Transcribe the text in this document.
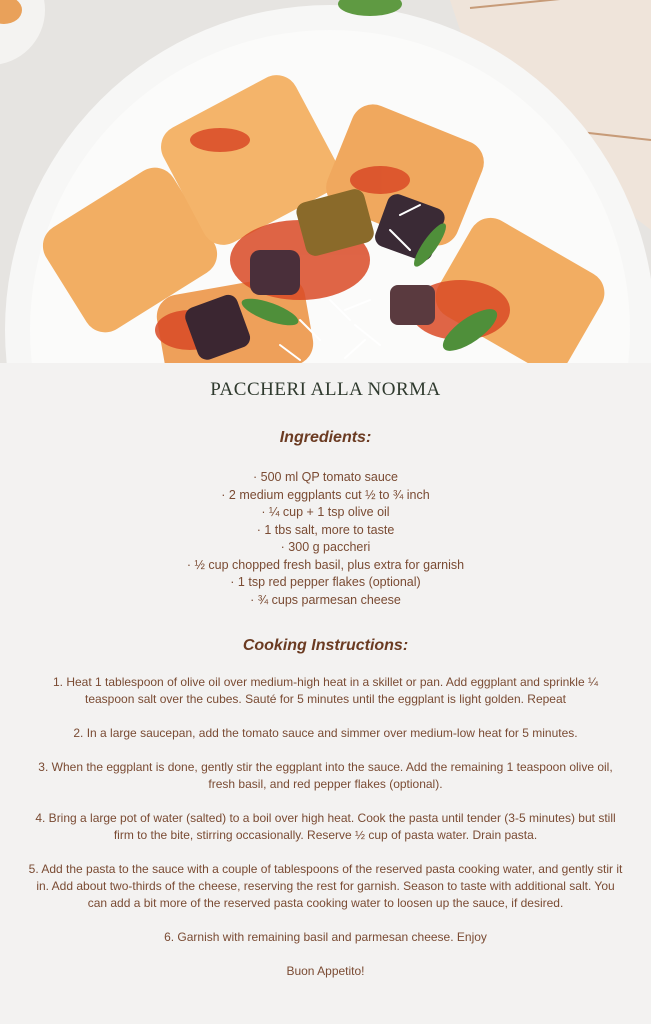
PACCHERI ALLA NORMA
Ingredients:
· 500 ml QP tomato sauce
· 2 medium eggplants cut ½ to ¾ inch
· ¼ cup + 1 tsp olive oil
· 1 tbs salt, more to taste
· 300 g paccheri
· ½ cup chopped fresh basil, plus extra for garnish
· 1 tsp red pepper flakes (optional)
· ¾ cups parmesan cheese
Cooking Instructions:

1. Heat 1 tablespoon of olive oil over medium-high heat in a skillet or pan. Add eggplant and sprinkle ¼ teaspoon salt over the cubes. Sauté for 5 minutes until the eggplant is light golden. Repeat

2. In a large saucepan, add the tomato sauce and simmer over medium-low heat for 5 minutes.

3. When the eggplant is done, gently stir the eggplant into the sauce. Add the remaining 1 teaspoon olive oil, fresh basil, and red pepper flakes (optional).

4. Bring a large pot of water (salted) to a boil over high heat. Cook the pasta until tender (3-5 minutes) but still firm to the bite, stirring occasionally. Reserve ½ cup of pasta water. Drain pasta.

5. Add the pasta to the sauce with a couple of tablespoons of the reserved pasta cooking water, and gently stir it in. Add about two-thirds of the cheese, reserving the rest for garnish. Season to taste with additional salt. You can add a bit more of the reserved pasta cooking water to loosen up the sauce, if desired.

6. Garnish with remaining basil and parmesan cheese. Enjoy

Buon Appetito!
